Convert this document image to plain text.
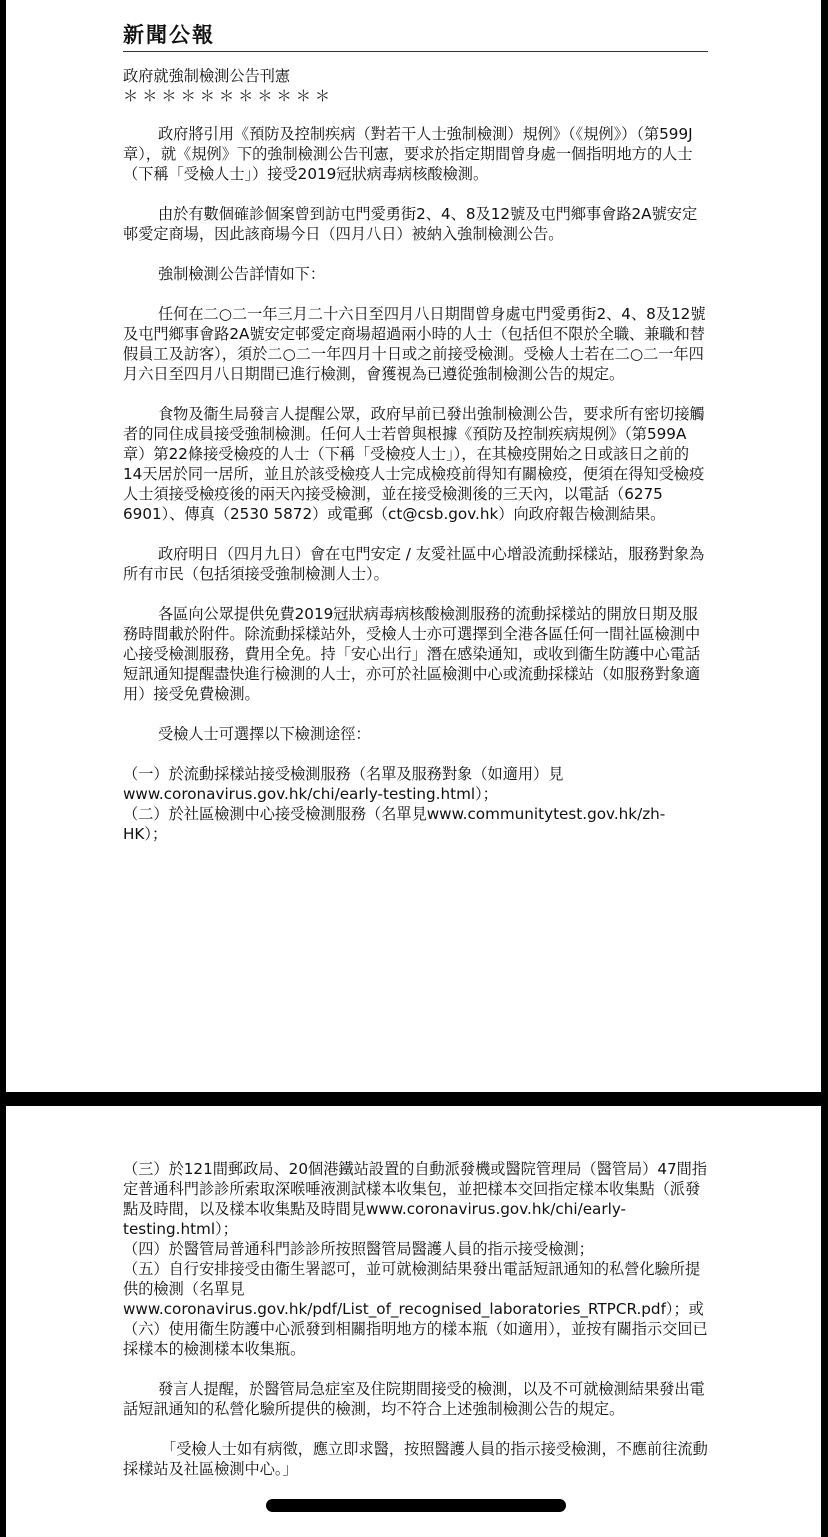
新聞公報

政府就強制檢測公告刊憲

＊＊＊＊＊＊＊＊＊＊＊

政府將引用《預防及控制疾病（對若干人士強制檢測）規例》（《規例》）（第599J章），就《規例》下的強制檢測公告刊憲，要求於指定期間曾身處一個指明地方的人士（下稱「受檢人士」）接受2019冠狀病毒病核酸檢測。

由於有數個確診個案曾到訪屯門愛勇街2、4、8及12號及屯門鄉事會路2A號安定邨愛定商場，因此該商場今日（四月八日）被納入強制檢測公告。

強制檢測公告詳情如下：

任何在二○二一年三月二十六日至四月八日期間曾身處屯門愛勇街2、4、8及12號及屯門鄉事會路2A號安定邨愛定商場超過兩小時的人士（包括但不限於全職、兼職和替假員工及訪客），須於二○二一年四月十日或之前接受檢測。受檢人士若在二○二一年四月六日至四月八日期間已進行檢測，會獲視為已遵從強制檢測公告的規定。

食物及衞生局發言人提醒公眾，政府早前已發出強制檢測公告，要求所有密切接觸者的同住成員接受強制檢測。任何人士若曾與根據《預防及控制疾病規例》（第599A章）第22條接受檢疫的人士（下稱「受檢疫人士」），在其檢疫開始之日或該日之前的14天居於同一居所，並且於該受檢疫人士完成檢疫前得知有關檢疫，便須在得知受檢疫人士須接受檢疫後的兩天內接受檢測，並在接受檢測後的三天內，以電話（6275 6901）、傳真（2530 5872）或電郵（ct@csb.gov.hk）向政府報告檢測結果。

政府明日（四月九日）會在屯門安定 / 友愛社區中心增設流動採樣站，服務對象為所有市民（包括須接受強制檢測人士）。

各區向公眾提供免費2019冠狀病毒病核酸檢測服務的流動採樣站的開放日期及服務時間載於附件。除流動採樣站外，受檢人士亦可選擇到全港各區任何一間社區檢測中心接受檢測服務，費用全免。持「安心出行」潛在感染通知，或收到衞生防護中心電話短訊通知提醒盡快進行檢測的人士，亦可於社區檢測中心或流動採樣站（如服務對象適用）接受免費檢測。

受檢人士可選擇以下檢測途徑：

（一）於流動採樣站接受檢測服務（名單及服務對象（如適用）見www.coronavirus.gov.hk/chi/early-testing.html）；

（二）於社區檢測中心接受檢測服務（名單見www.communitytest.gov.hk/zh-HK）；

（三）於121間郵政局、20個港鐵站設置的自動派發機或醫院管理局（醫管局）47間指定普通科門診診所索取深喉唾液測試樣本收集包，並把樣本交回指定樣本收集點（派發點及時間，以及樣本收集點及時間見www.coronavirus.gov.hk/chi/early-testing.html）；

（四）於醫管局普通科門診診所按照醫管局醫護人員的指示接受檢測；

（五）自行安排接受由衞生署認可，並可就檢測結果發出電話短訊通知的私營化驗所提供的檢測（名單見www.coronavirus.gov.hk/pdf/List_of_recognised_laboratories_RTPCR.pdf）；或

（六）使用衞生防護中心派發到相關指明地方的樣本瓶（如適用），並按有關指示交回已採樣本的檢測樣本收集瓶。

發言人提醒，於醫管局急症室及住院期間接受的檢測，以及不可就檢測結果發出電話短訊通知的私營化驗所提供的檢測，均不符合上述強制檢測公告的規定。

「受檢人士如有病徵，應立即求醫，按照醫護人員的指示接受檢測，不應前往流動採樣站及社區檢測中心。」
